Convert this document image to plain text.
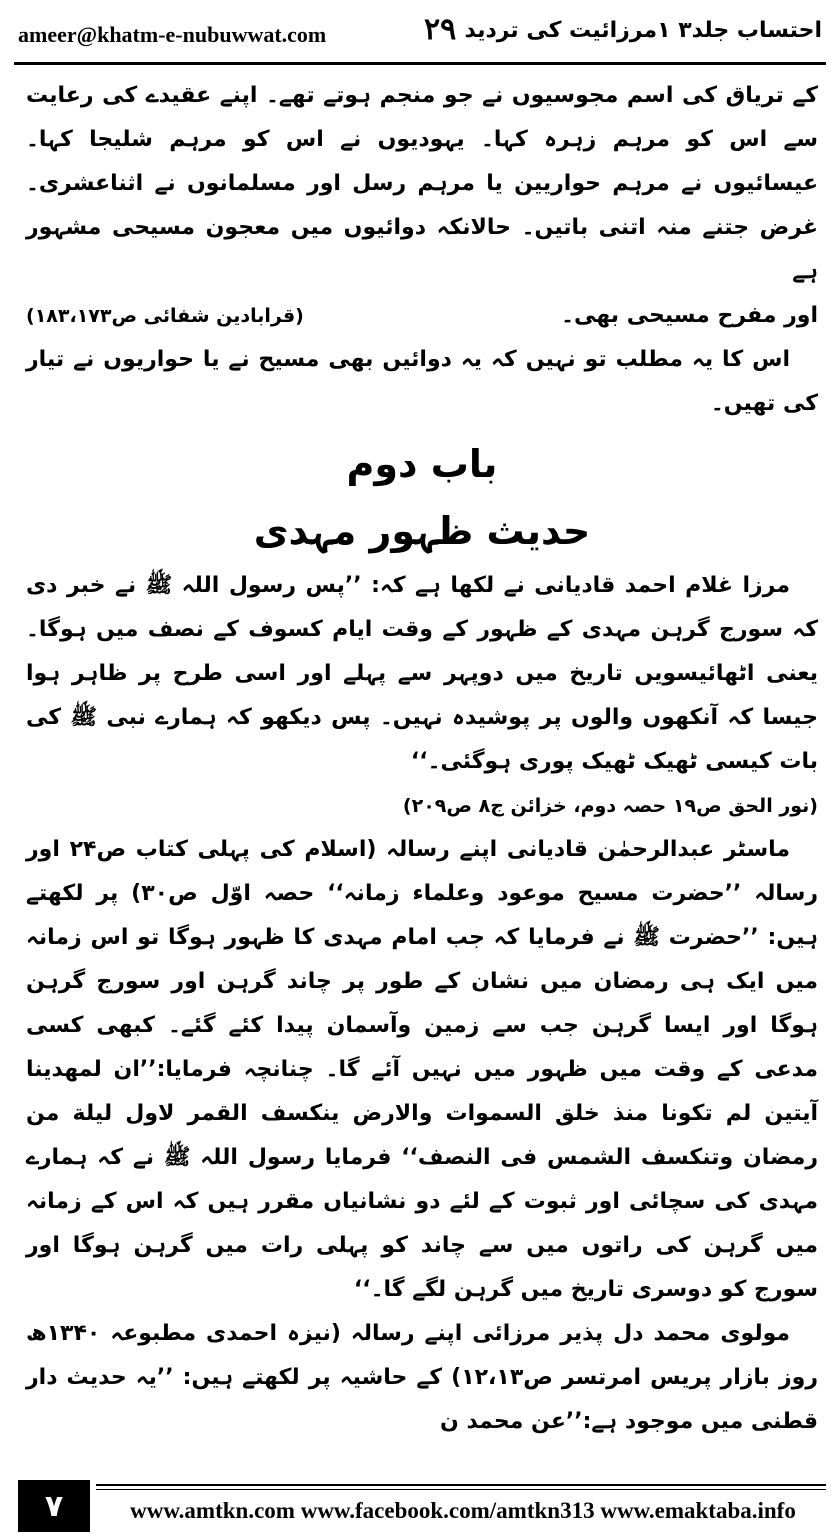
ameer@khatm-e-nubuwwat.com	۲۹ احتساب جلد۳ ۱مرزائیت کی تردید

کے تریاق کی اسم مجوسیوں نے جو منجم ہوتے تھے۔ اپنے عقیدے کی رعایت سے اس کو مرہم زہرہ کہا۔ یہودیوں نے اس کو مرہم شلیجا کہا۔ عیسائیوں نے مرہم حواریین یا مرہم رسل اور مسلمانوں نے اثناعشری۔ غرض جتنے منہ اتنی باتیں۔ حالانکہ دوائیوں میں معجون مسیحی مشہور ہے

اور مفرح مسیحی بھی۔
(قرابادین شفائی ص۱۸۳،۱۷۳)

اس کا یہ مطلب تو نہیں کہ یہ دوائیں بھی مسیح نے یا حواریوں نے تیار کی تھیں۔

باب دوم
حدیث ظہور مہدی

مرزا غلام احمد قادیانی نے لکھا ہے کہ: ’’پس رسول اللہ ﷺ نے خبر دی کہ سورج گرہن مہدی کے ظہور کے وقت ایام کسوف کے نصف میں ہوگا۔ یعنی اٹھائیسویں تاریخ میں دوپہر سے پہلے اور اسی طرح پر ظاہر ہوا جیسا کہ آنکھوں والوں پر پوشیدہ نہیں۔ پس دیکھو کہ ہمارے نبی ﷺ کی بات کیسی ٹھیک ٹھیک پوری ہوگئی۔‘‘

(نور الحق ص۱۹ حصہ دوم، خزائن ج۸ ص۲۰۹)

ماسٹر عبدالرحمٰن قادیانی اپنے رسالہ (اسلام کی پہلی کتاب ص۲۴ اور رسالہ ’’حضرت مسیح موعود وعلماء زمانہ‘‘ حصہ اوّل ص۳۰) پر لکھتے ہیں: ’’حضرت ﷺ نے فرمایا کہ جب امام مہدی کا ظہور ہوگا تو اس زمانہ میں ایک ہی رمضان میں نشان کے طور پر چاند گرہن اور سورج گرہن ہوگا اور ایسا گرہن جب سے زمین وآسمان پیدا کئے گئے۔ کبھی کسی مدعی کے وقت میں ظہور میں نہیں آئے گا۔ چنانچہ فرمایا:’’ان لمهدينا آيتين لم تكونا منذ خلق السموات والارض ينكسف القمر لاول ليلة من رمضان وتنكسف الشمس فى النصف‘‘ فرمایا رسول اللہ ﷺ نے کہ ہمارے مہدی کی سچائی اور ثبوت کے لئے دو نشانیاں مقرر ہیں کہ اس کے زمانہ میں گرہن کی راتوں میں سے چاند کو پہلی رات میں گرہن ہوگا اور سورج کو دوسری تاریخ میں گرہن لگے گا۔‘‘

مولوی محمد دل پذیر مرزائی اپنے رسالہ (نیزہ احمدی مطبوعہ ۱۳۴۰ھ روز بازار پریس امرتسر ص۱۲،۱۳) کے حاشیہ پر لکھتے ہیں: ’’یہ حدیث دار قطنی میں موجود ہے:’’عن محمد ن

۷	www.amtkn.com www.facebook.com/amtkn313 www.emaktaba.info
